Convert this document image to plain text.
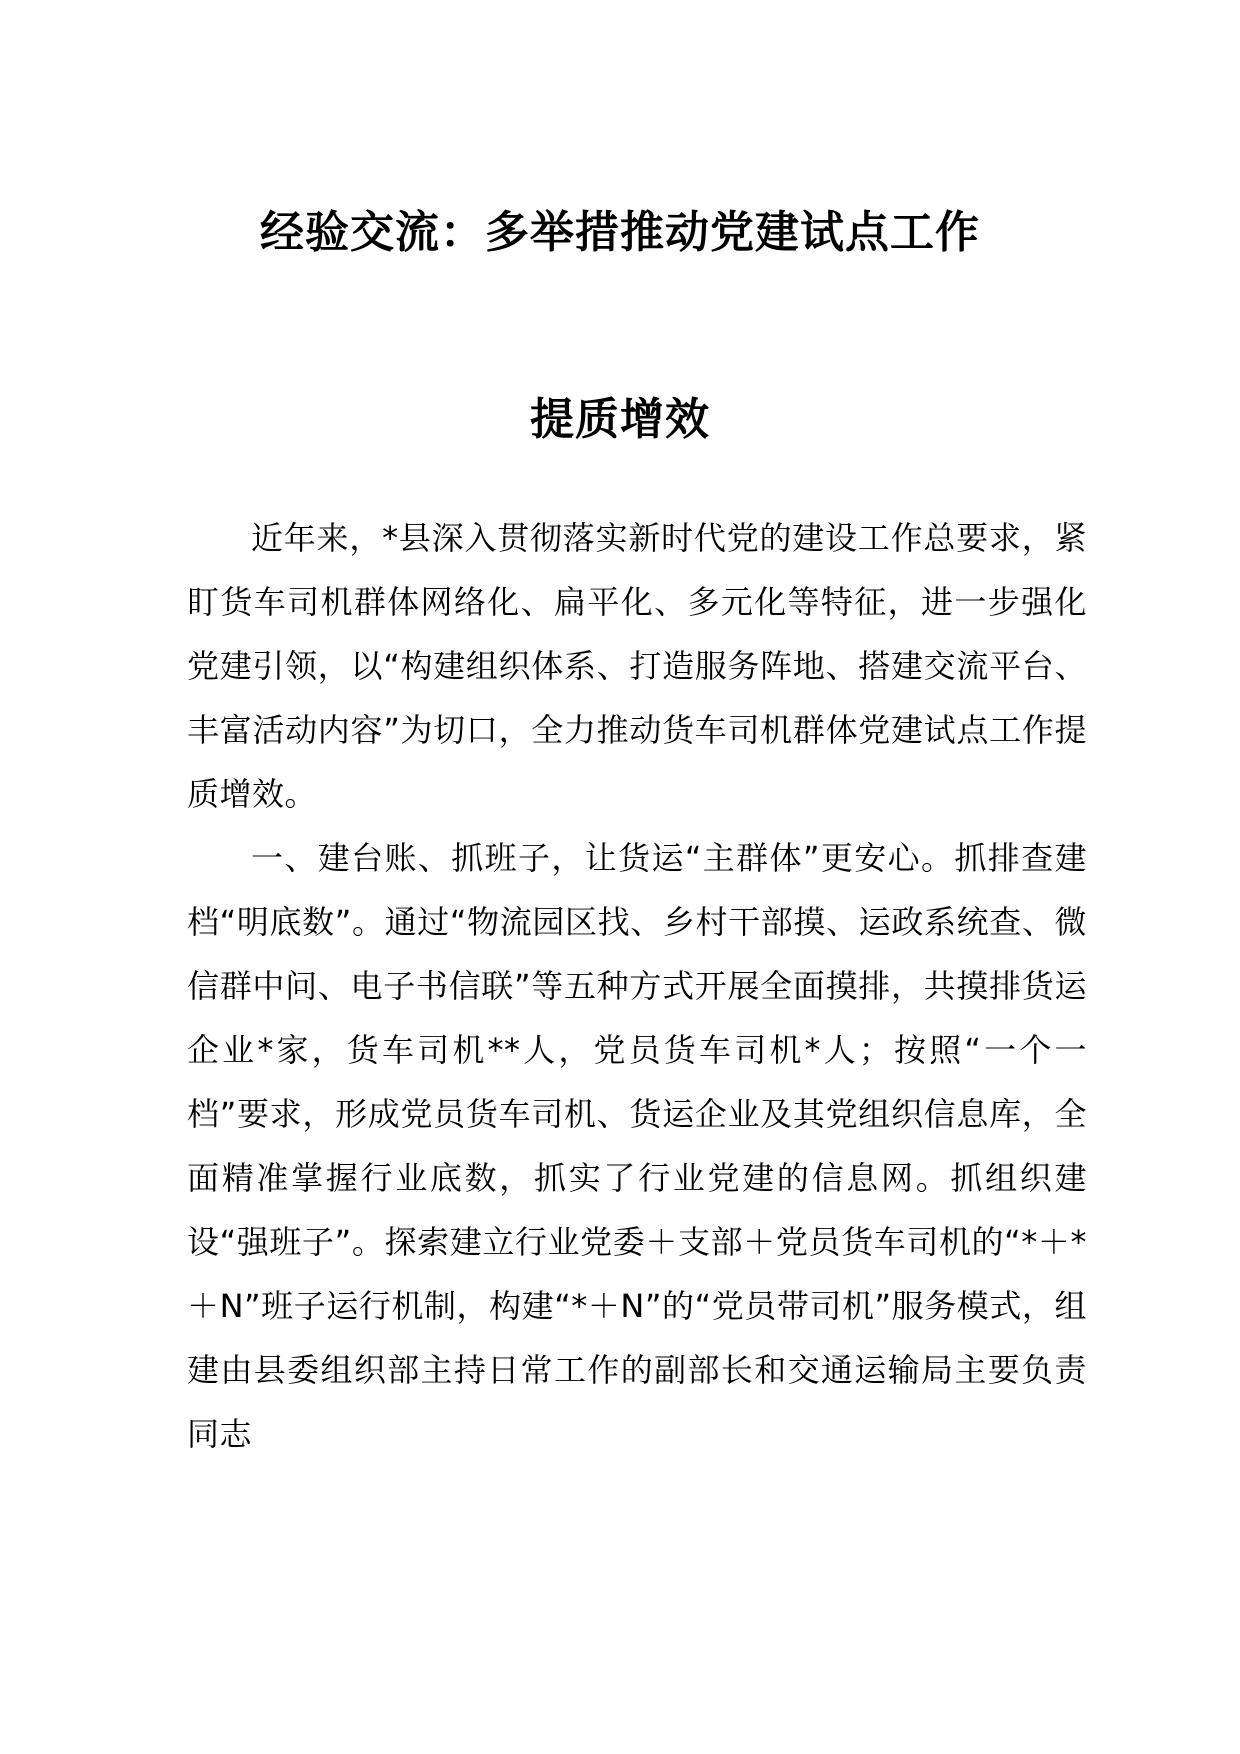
经验交流：多举措推动党建试点工作
提质增效

近年来，*县深入贯彻落实新时代党的建设工作总要求，紧盯货车司机群体网络化、扁平化、多元化等特征，进一步强化党建引领，以“构建组织体系、打造服务阵地、搭建交流平台、丰富活动内容”为切口，全力推动货车司机群体党建试点工作提质增效。

一、建台账、抓班子，让货运“主群体”更安心。抓排查建档“明底数”。通过“物流园区找、乡村干部摸、运政系统查、微信群中问、电子书信联”等五种方式开展全面摸排，共摸排货运企业*家，货车司机**人，党员货车司机*人；按照“一个一档”要求，形成党员货车司机、货运企业及其党组织信息库，全面精准掌握行业底数，抓实了行业党建的信息网。抓组织建设“强班子”。探索建立行业党委＋支部＋党员货车司机的“*＋*＋N”班子运行机制，构建“*＋N”的“党员带司机”服务模式，组建由县委组织部主持日常工作的副部长和交通运输局主要负责同志
